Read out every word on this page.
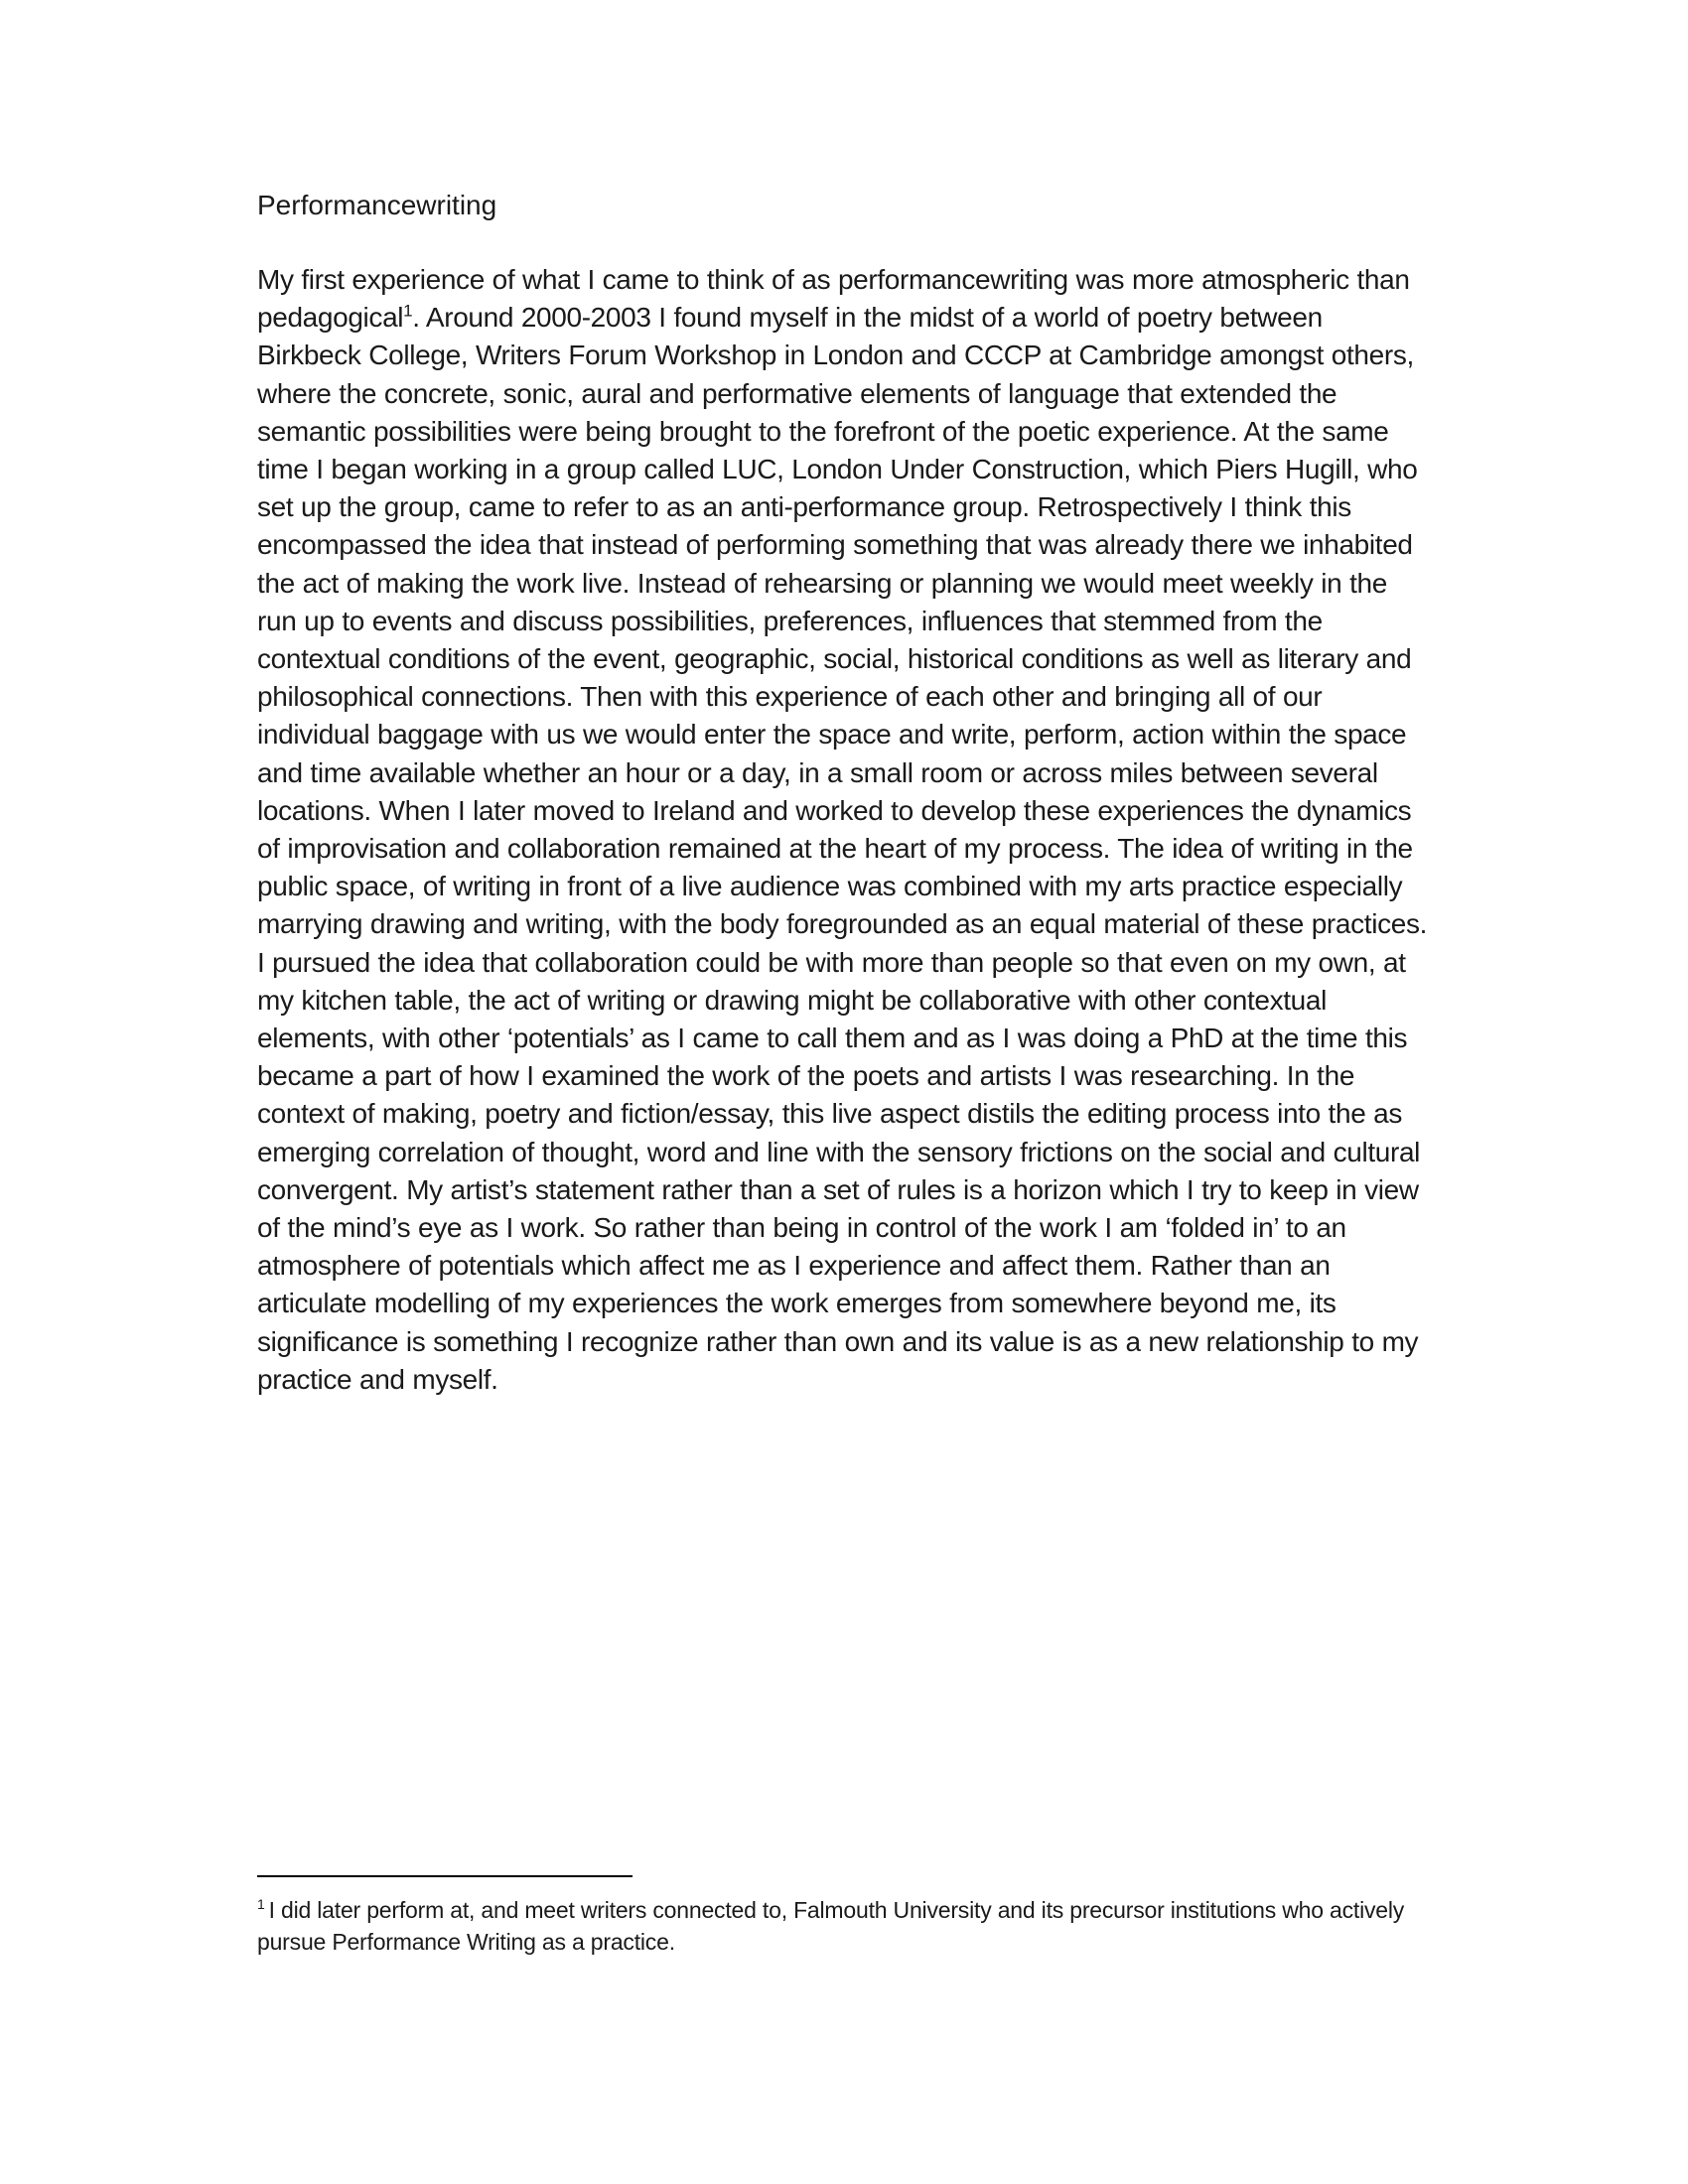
Performancewriting

My first experience of what I came to think of as performancewriting was more atmospheric than pedagogical$^1$. Around 2000-2003 I found myself in the midst of a world of poetry between Birkbeck College, Writers Forum Workshop in London and CCCP at Cambridge amongst others, where the concrete, sonic, aural and performative elements of language that extended the semantic possibilities were being brought to the forefront of the poetic experience. At the same time I began working in a group called LUC, London Under Construction, which Piers Hugill, who set up the group, came to refer to as an anti-performance group. Retrospectively I think this encompassed the idea that instead of performing something that was already there we inhabited the act of making the work live. Instead of rehearsing or planning we would meet weekly in the run up to events and discuss possibilities, preferences, influences that stemmed from the contextual conditions of the event, geographic, social, historical conditions as well as literary and philosophical connections. Then with this experience of each other and bringing all of our individual baggage with us we would enter the space and write, perform, action within the space and time available whether an hour or a day, in a small room or across miles between several locations. When I later moved to Ireland and worked to develop these experiences the dynamics of improvisation and collaboration remained at the heart of my process. The idea of writing in the public space, of writing in front of a live audience was combined with my arts practice especially marrying drawing and writing, with the body foregrounded as an equal material of these practices. I pursued the idea that collaboration could be with more than people so that even on my own, at my kitchen table, the act of writing or drawing might be collaborative with other contextual elements, with other ‘potentials’ as I came to call them and as I was doing a PhD at the time this became a part of how I examined the work of the poets and artists I was researching. In the context of making, poetry and fiction/essay, this live aspect distils the editing process into the as emerging correlation of thought, word and line with the sensory frictions on the social and cultural convergent. My artist’s statement rather than a set of rules is a horizon which I try to keep in view of the mind’s eye as I work. So rather than being in control of the work I am ‘folded in’ to an atmosphere of potentials which affect me as I experience and affect them. Rather than an articulate modelling of my experiences the work emerges from somewhere beyond me, its significance is something I recognize rather than own and its value is as a new relationship to my practice and myself.

$^1$ I did later perform at, and meet writers connected to, Falmouth University and its precursor institutions who actively pursue Performance Writing as a practice.
